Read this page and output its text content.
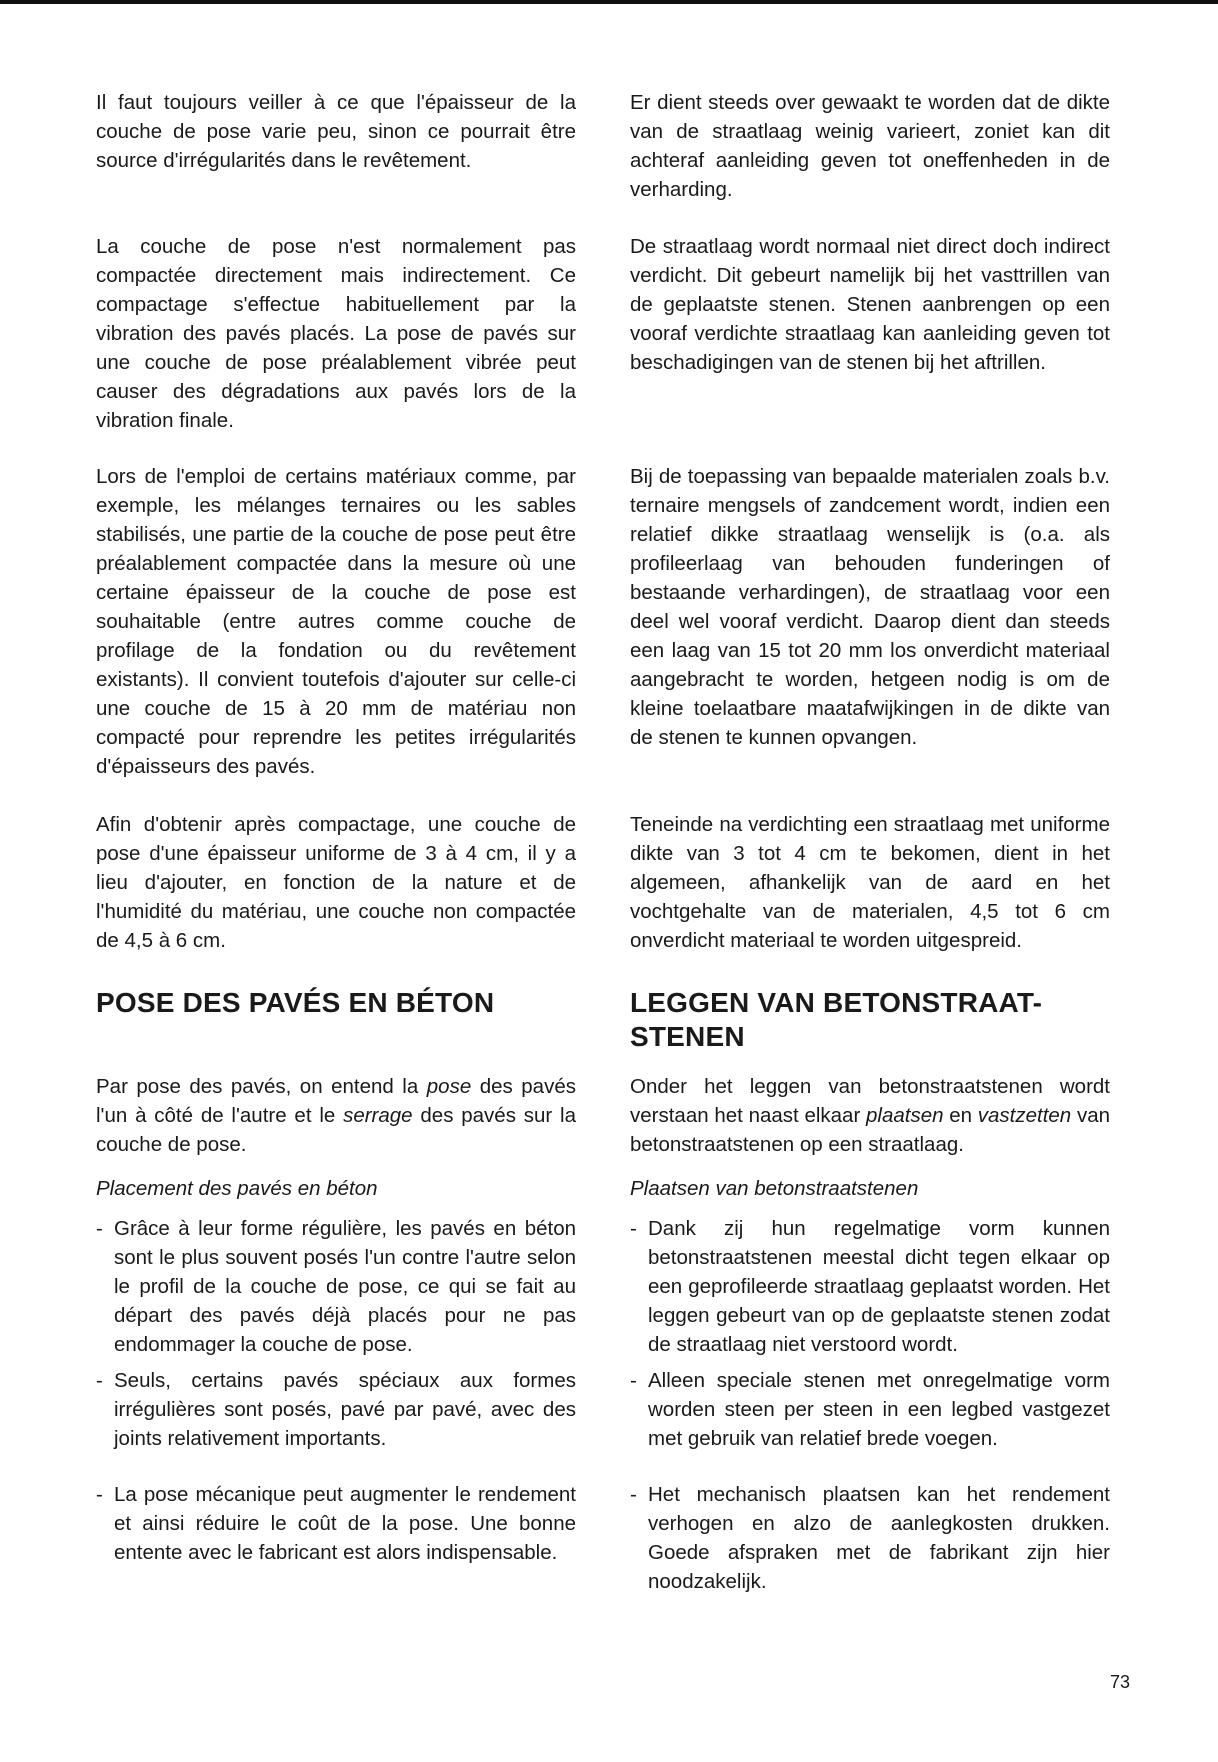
Il faut toujours veiller à ce que l'épaisseur de la couche de pose varie peu, sinon ce pourrait être source d'irrégularités dans le revêtement.

La couche de pose n'est normalement pas compactée directement mais indirectement. Ce compactage s'effectue habituellement par la vibration des pavés placés. La pose de pavés sur une couche de pose préalablement vibrée peut causer des dégradations aux pavés lors de la vibration finale.

Lors de l'emploi de certains matériaux comme, par exemple, les mélanges ternaires ou les sables stabilisés, une partie de la couche de pose peut être préalablement compactée dans la mesure où une certaine épaisseur de la couche de pose est souhaitable (entre autres comme couche de profilage de la fondation ou du revêtement existants). Il convient toutefois d'ajouter sur celle-ci une couche de 15 à 20 mm de matériau non compacté pour reprendre les petites irrégularités d'épaisseurs des pavés.

Afin d'obtenir après compactage, une couche de pose d'une épaisseur uniforme de 3 à 4 cm, il y a lieu d'ajouter, en fonction de la nature et de l'humidité du matériau, une couche non compactée de 4,5 à 6 cm.

POSE DES PAVÉS EN BÉTON

Par pose des pavés, on entend la pose des pavés l'un à côté de l'autre et le serrage des pavés sur la couche de pose.

Placement des pavés en béton

- Grâce à leur forme régulière, les pavés en béton sont le plus souvent posés l'un contre l'autre selon le profil de la couche de pose, ce qui se fait au départ des pavés déjà placés pour ne pas endommager la couche de pose.

- Seuls, certains pavés spéciaux aux formes irrégulières sont posés, pavé par pavé, avec des joints relativement importants.

- La pose mécanique peut augmenter le rendement et ainsi réduire le coût de la pose. Une bonne entente avec le fabricant est alors indispensable.

Er dient steeds over gewaakt te worden dat de dikte van de straatlaag weinig varieert, zoniet kan dit achteraf aanleiding geven tot oneffenheden in de verharding.

De straatlaag wordt normaal niet direct doch indirect verdicht. Dit gebeurt namelijk bij het vasttrillen van de geplaatste stenen. Stenen aanbrengen op een vooraf verdichte straatlaag kan aanleiding geven tot beschadigingen van de stenen bij het aftrillen.

Bij de toepassing van bepaalde materialen zoals b.v. ternaire mengsels of zandcement wordt, indien een relatief dikke straatlaag wenselijk is (o.a. als profileerlaag van behouden funderingen of bestaande verhardingen), de straatlaag voor een deel wel vooraf verdicht. Daarop dient dan steeds een laag van 15 tot 20 mm los onverdicht materiaal aangebracht te worden, hetgeen nodig is om de kleine toelaatbare maatafwijkingen in de dikte van de stenen te kunnen opvangen.

Teneinde na verdichting een straatlaag met uniforme dikte van 3 tot 4 cm te bekomen, dient in het algemeen, afhankelijk van de aard en het vochtgehalte van de materialen, 4,5 tot 6 cm onverdicht materiaal te worden uitgespreid.

LEGGEN VAN BETONSTRAAT-
STENEN

Onder het leggen van betonstraatstenen wordt verstaan het naast elkaar plaatsen en vastzetten van betonstraatstenen op een straatlaag.

Plaatsen van betonstraatstenen

- Dank zij hun regelmatige vorm kunnen betonstraatstenen meestal dicht tegen elkaar op een geprofileerde straatlaag geplaatst worden. Het leggen gebeurt van op de geplaatste stenen zodat de straatlaag niet verstoord wordt.

- Alleen speciale stenen met onregelmatige vorm worden steen per steen in een legbed vastgezet met gebruik van relatief brede voegen.

- Het mechanisch plaatsen kan het rendement verhogen en alzo de aanlegkosten drukken. Goede afspraken met de fabrikant zijn hier noodzakelijk.

73
